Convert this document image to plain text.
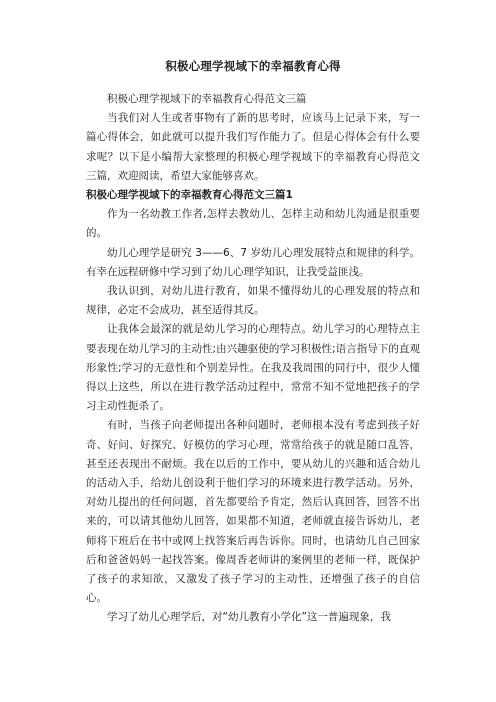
积极心理学视域下的幸福教育心得

积极心理学视域下的幸福教育心得范文三篇

当我们对人生或者事物有了新的思考时，应该马上记录下来，写一篇心得体会，如此就可以提升我们写作能力了。但是心得体会有什么要求呢？以下是小编帮大家整理的积极心理学视域下的幸福教育心得范文三篇，欢迎阅读，希望大家能够喜欢。

积极心理学视域下的幸福教育心得范文三篇1

作为一名幼教工作者,怎样去教幼儿、怎样主动和幼儿沟通是很重要的。

幼儿心理学是研究 3——6、7 岁幼儿心理发展特点和规律的科学。有幸在远程研修中学习到了幼儿心理学知识，让我受益匪浅。

我认识到，对幼儿进行教育，如果不懂得幼儿的心理发展的特点和规律，必定不会成功，甚至适得其反。

让我体会最深的就是幼儿学习的心理特点。幼儿学习的心理特点主要表现在幼儿学习的主动性;由兴趣驱使的学习积极性;语言指导下的直观形象性;学习的无意性和个别差异性。在我及我周围的同行中，很少人懂得以上这些，所以在进行教学活动过程中，常常不知不觉地把孩子的学习主动性扼杀了。

有时，当孩子向老师提出各种问题时，老师根本没有考虑到孩子好奇、好问、好探究、好模仿的学习心理，常常给孩子的就是随口乱答，甚至还表现出不耐烦。我在以后的工作中，要从幼儿的兴趣和适合幼儿的活动入手，给幼儿创设利于他们学习的环境来进行教学活动。另外，对幼儿提出的任何问题，首先都要给予肯定，然后认真回答，回答不出来的，可以请其他幼儿回答，如果都不知道，老师就直接告诉幼儿，老师将下班后在书中或网上找答案后再告诉你。同时，也请幼儿自己回家后和爸爸妈妈一起找答案。像周香老师讲的案例里的老师一样，既保护了孩子的求知欲，又激发了孩子学习的主动性，还增强了孩子的自信心。

学习了幼儿心理学后，对“幼儿教育小学化”这一普遍现象，我
